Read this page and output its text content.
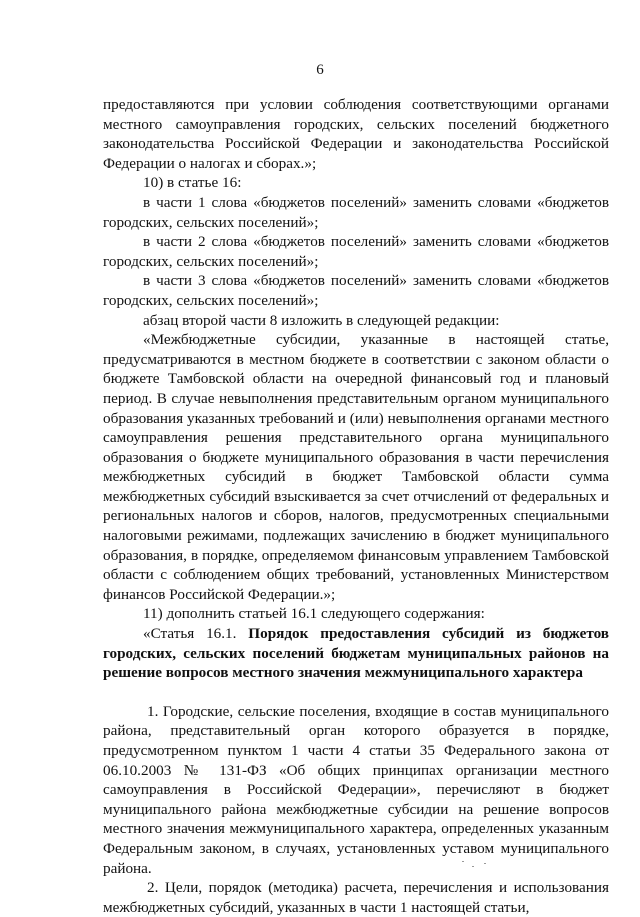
6

предоставляются при условии соблюдения соответствующими органами местного самоуправления городских, сельских поселений бюджетного законодательства Российской Федерации и законодательства Российской Федерации о налогах и сборах.»;

10) в статье 16:

в части 1 слова «бюджетов поселений» заменить словами «бюджетов городских, сельских поселений»;

в части 2 слова «бюджетов поселений» заменить словами «бюджетов городских, сельских поселений»;

в части 3 слова «бюджетов поселений» заменить словами «бюджетов городских, сельских поселений»;

абзац второй части 8 изложить в следующей редакции:

«Межбюджетные субсидии, указанные в настоящей статье, предусматриваются в местном бюджете в соответствии с законом области о бюджете Тамбовской области на очередной финансовый год и плановый период. В случае невыполнения представительным органом муниципального образования указанных требований и (или) невыполнения органами местного самоуправления решения представительного органа муниципального образования о бюджете муниципального образования в части перечисления межбюджетных субсидий в бюджет Тамбовской области сумма межбюджетных субсидий взыскивается за счет отчислений от федеральных и региональных налогов и сборов, налогов, предусмотренных специальными налоговыми режимами, подлежащих зачислению в бюджет муниципального образования, в порядке, определяемом финансовым управлением Тамбовской области с соблюдением общих требований, установленных Министерством финансов Российской Федерации.»;

11) дополнить статьей 16.1 следующего содержания:

«Статья 16.1. Порядок предоставления субсидий из бюджетов городских, сельских поселений бюджетам муниципальных районов на решение вопросов местного значения межмуниципального характера

1. Городские, сельские поселения, входящие в состав муниципального района, представительный орган которого образуется в порядке, предусмотренном пунктом 1 части 4 статьи 35 Федерального закона от 06.10.2003 № 131-ФЗ «Об общих принципах организации местного самоуправления в Российской Федерации», перечисляют в бюджет муниципального района межбюджетные субсидии на решение вопросов местного значения межмуниципального характера, определенных указанным Федеральным законом, в случаях, установленных уставом муниципального района.

2. Цели, порядок (методика) расчета, перечисления и использования межбюджетных субсидий, указанных в части 1 настоящей статьи,
